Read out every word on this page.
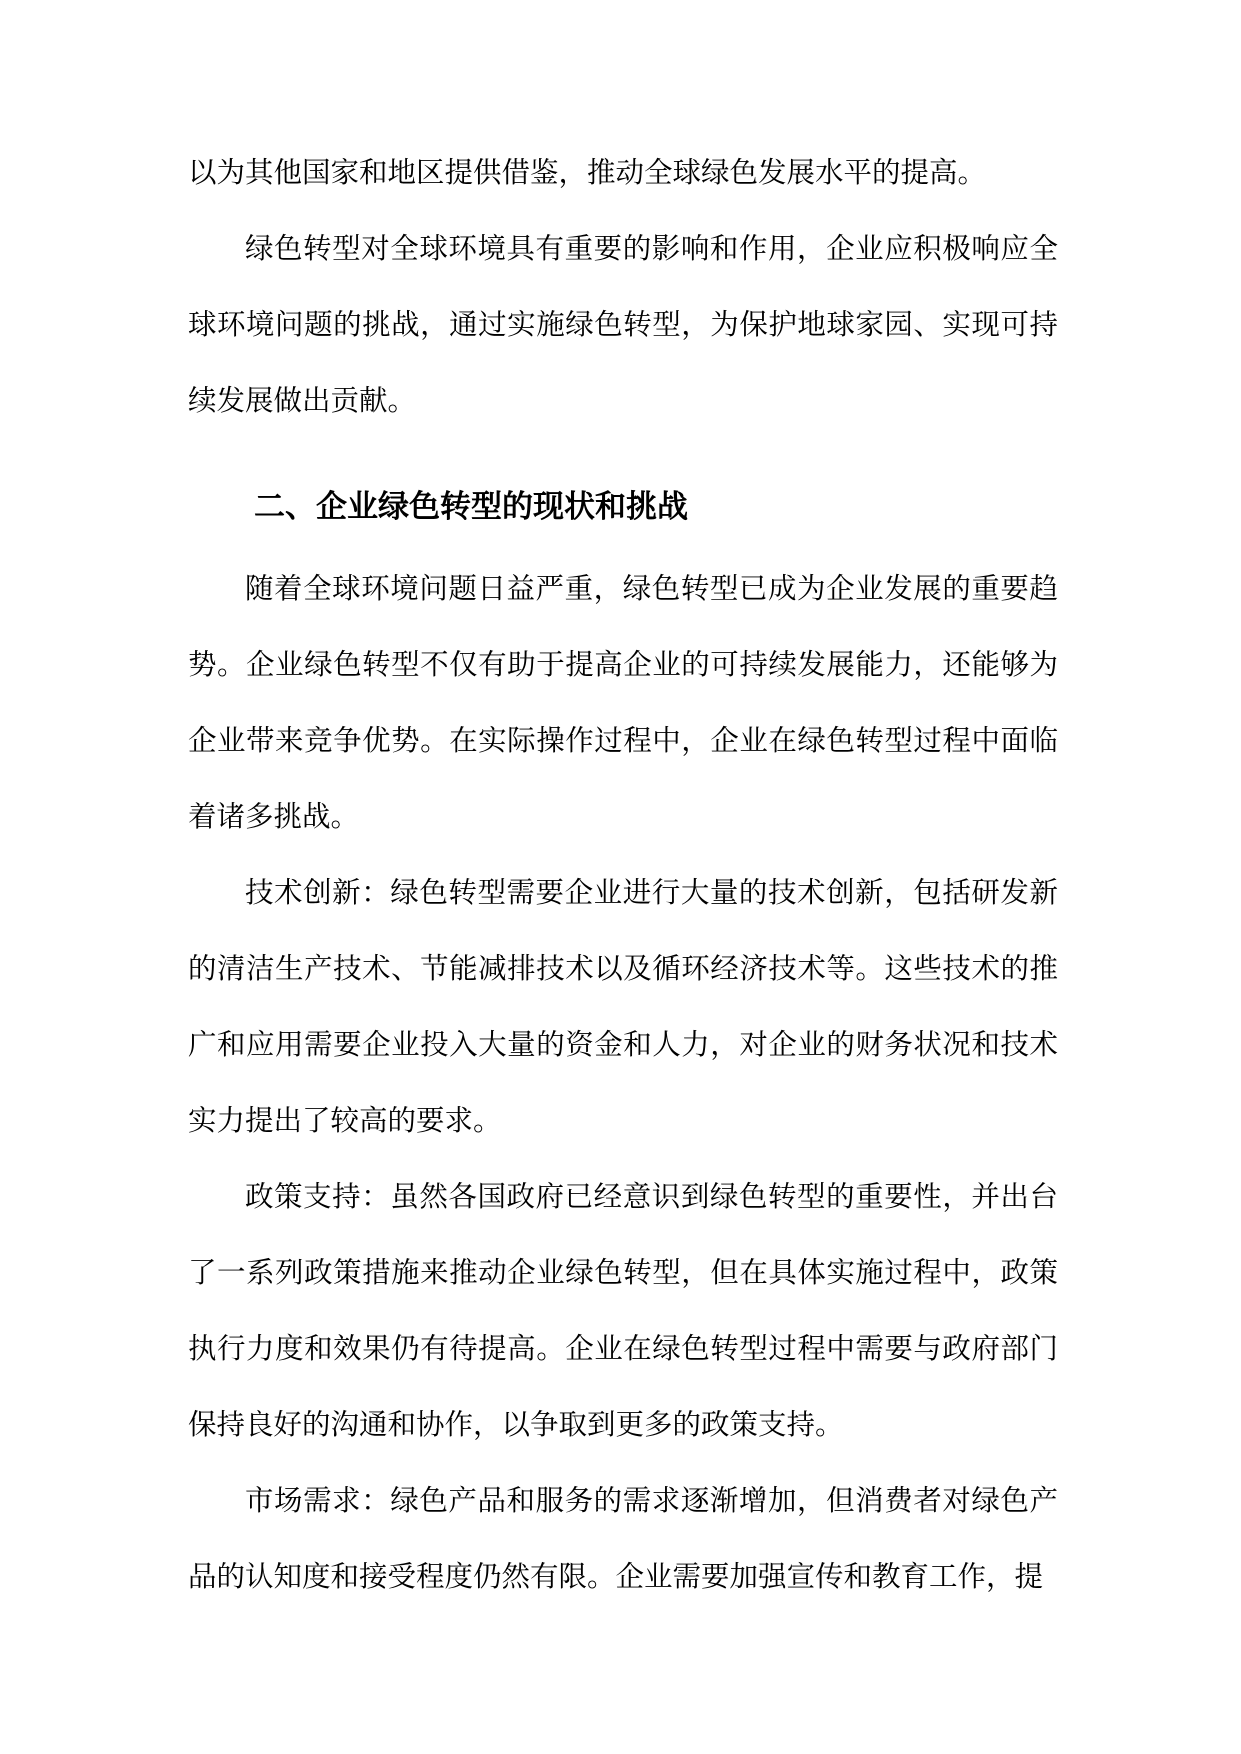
以为其他国家和地区提供借鉴，推动全球绿色发展水平的提高。

绿色转型对全球环境具有重要的影响和作用，企业应积极响应全球环境问题的挑战，通过实施绿色转型，为保护地球家园、实现可持续发展做出贡献。

二、企业绿色转型的现状和挑战

随着全球环境问题日益严重，绿色转型已成为企业发展的重要趋势。企业绿色转型不仅有助于提高企业的可持续发展能力，还能够为企业带来竞争优势。在实际操作过程中，企业在绿色转型过程中面临着诸多挑战。

技术创新：绿色转型需要企业进行大量的技术创新，包括研发新的清洁生产技术、节能减排技术以及循环经济技术等。这些技术的推广和应用需要企业投入大量的资金和人力，对企业的财务状况和技术实力提出了较高的要求。

政策支持：虽然各国政府已经意识到绿色转型的重要性，并出台了一系列政策措施来推动企业绿色转型，但在具体实施过程中，政策执行力度和效果仍有待提高。企业在绿色转型过程中需要与政府部门保持良好的沟通和协作，以争取到更多的政策支持。

市场需求：绿色产品和服务的需求逐渐增加，但消费者对绿色产品的认知度和接受程度仍然有限。企业需要加强宣传和教育工作，提
